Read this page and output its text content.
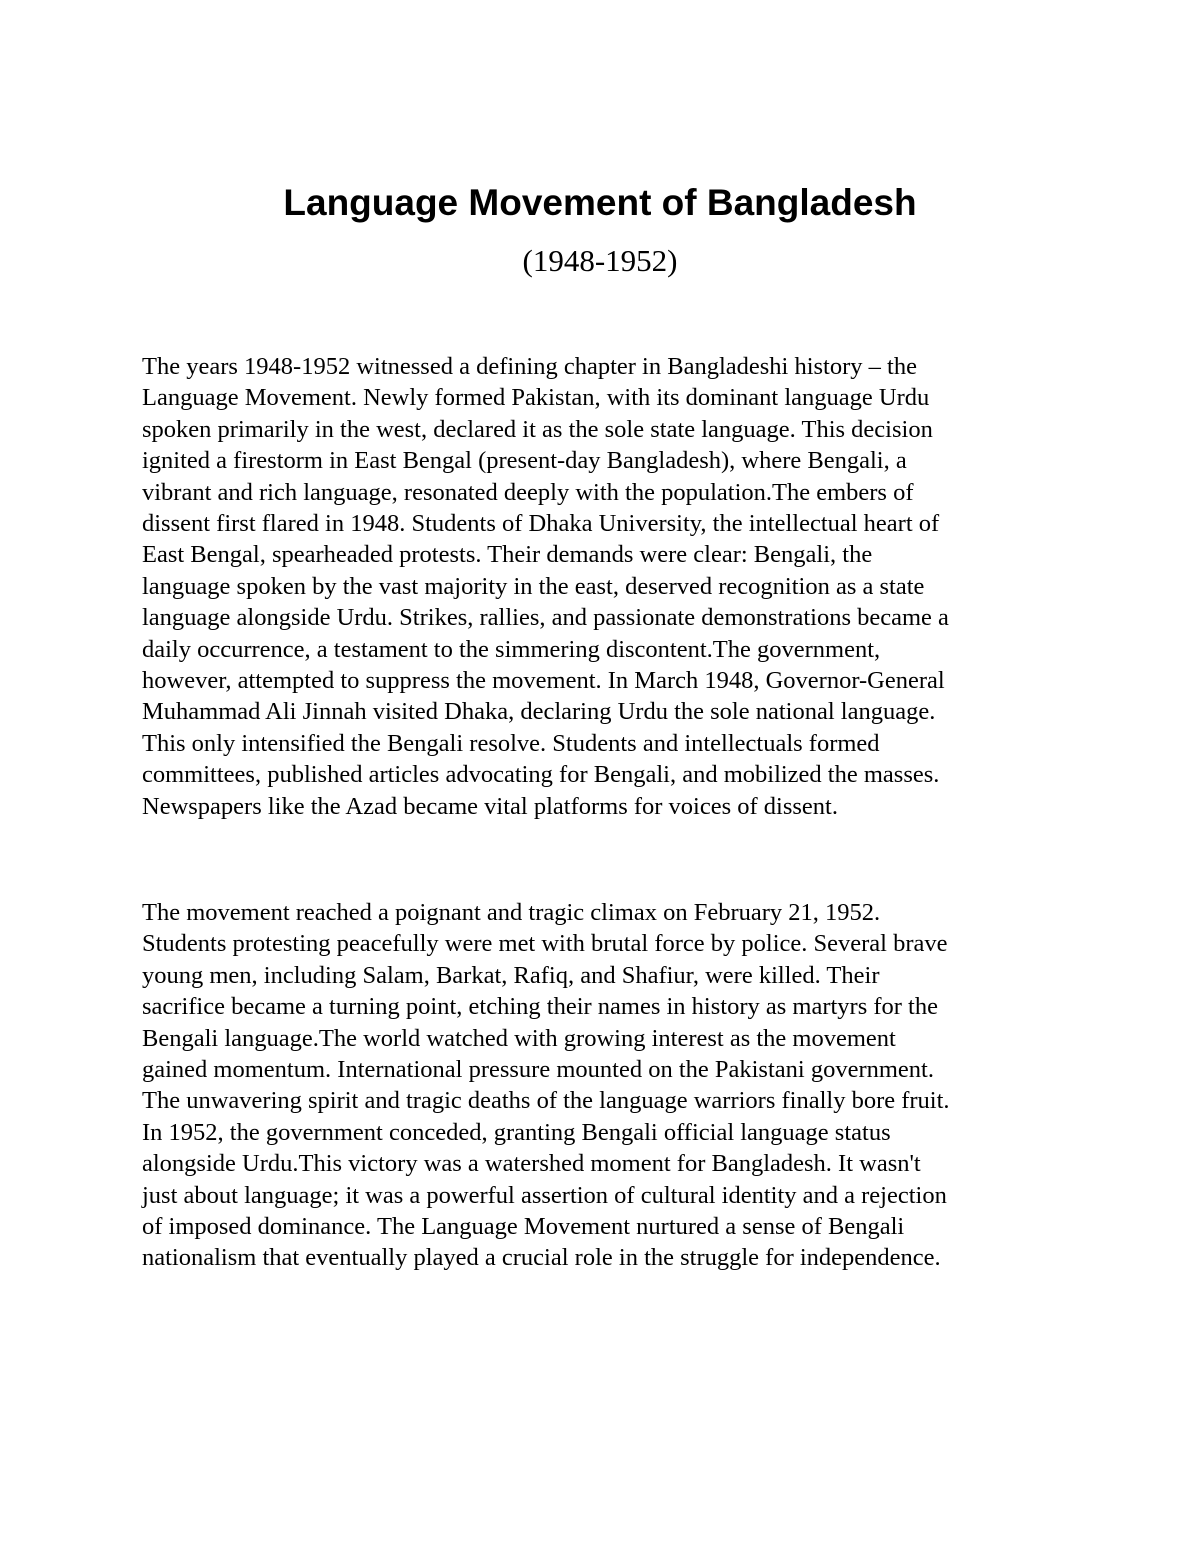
Language Movement of Bangladesh
(1948-1952)
The years 1948-1952 witnessed a defining chapter in Bangladeshi history – the
Language Movement. Newly formed Pakistan, with its dominant language Urdu
spoken primarily in the west, declared it as the sole state language. This decision
ignited a firestorm in East Bengal (present-day Bangladesh), where Bengali, a
vibrant and rich language, resonated deeply with the population.The embers of
dissent first flared in 1948. Students of Dhaka University, the intellectual heart of
East Bengal, spearheaded protests. Their demands were clear: Bengali, the
language spoken by the vast majority in the east, deserved recognition as a state
language alongside Urdu. Strikes, rallies, and passionate demonstrations became a
daily occurrence, a testament to the simmering discontent.The government,
however, attempted to suppress the movement. In March 1948, Governor-General
Muhammad Ali Jinnah visited Dhaka, declaring Urdu the sole national language.
This only intensified the Bengali resolve. Students and intellectuals formed
committees, published articles advocating for Bengali, and mobilized the masses.
Newspapers like the Azad became vital platforms for voices of dissent.
The movement reached a poignant and tragic climax on February 21, 1952.
Students protesting peacefully were met with brutal force by police. Several brave
young men, including Salam, Barkat, Rafiq, and Shafiur, were killed. Their
sacrifice became a turning point, etching their names in history as martyrs for the
Bengali language.The world watched with growing interest as the movement
gained momentum. International pressure mounted on the Pakistani government.
The unwavering spirit and tragic deaths of the language warriors finally bore fruit.
In 1952, the government conceded, granting Bengali official language status
alongside Urdu.This victory was a watershed moment for Bangladesh. It wasn't
just about language; it was a powerful assertion of cultural identity and a rejection
of imposed dominance. The Language Movement nurtured a sense of Bengali
nationalism that eventually played a crucial role in the struggle for independence.
